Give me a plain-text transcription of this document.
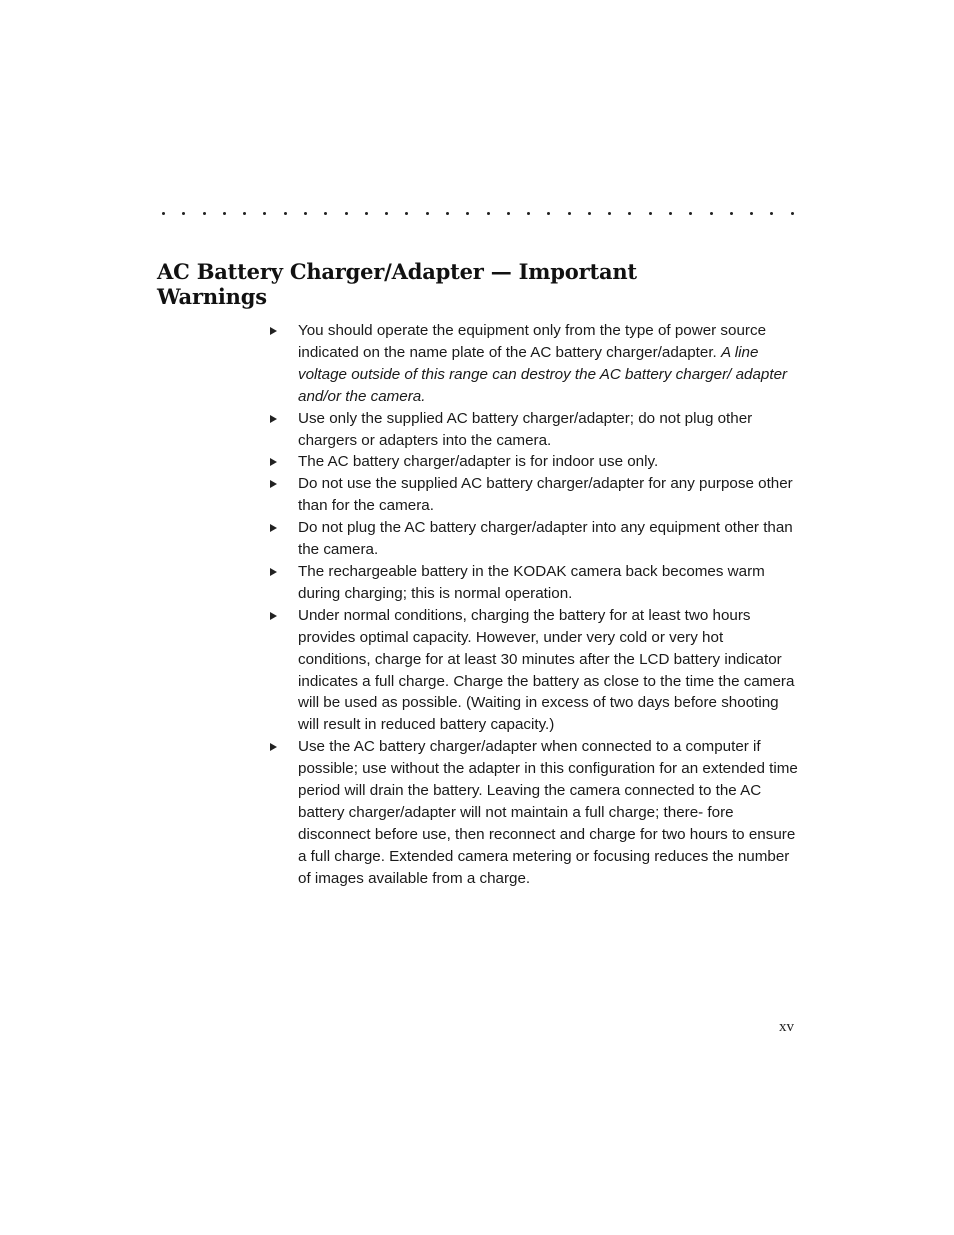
AC Battery Charger/Adapter — Important Warnings
You should operate the equipment only from the type of power source indicated on the name plate of the AC battery charger/adapter. A line voltage outside of this range can destroy the AC battery charger/ adapter and/or the camera.
Use only the supplied AC battery charger/adapter; do not plug other chargers or adapters into the camera.
The AC battery charger/adapter is for indoor use only.
Do not use the supplied AC battery charger/adapter for any purpose other than for the camera.
Do not plug the AC battery charger/adapter into any equipment other than the camera.
The rechargeable battery in the KODAK camera back becomes warm during charging; this is normal operation.
Under normal conditions, charging the battery for at least two hours provides optimal capacity. However, under very cold or very hot conditions, charge for at least 30 minutes after the LCD battery indicator indicates a full charge. Charge the battery as close to the time the camera will be used as possible. (Waiting in excess of two days before shooting will result in reduced battery capacity.)
Use the AC battery charger/adapter when connected to a computer if possible; use without the adapter in this configuration for an extended time period will drain the battery. Leaving the camera connected to the AC battery charger/adapter will not maintain a full charge; there- fore disconnect before use, then reconnect and charge for two hours to ensure a full charge. Extended camera metering or focusing reduces the number of images available from a charge.
xv
